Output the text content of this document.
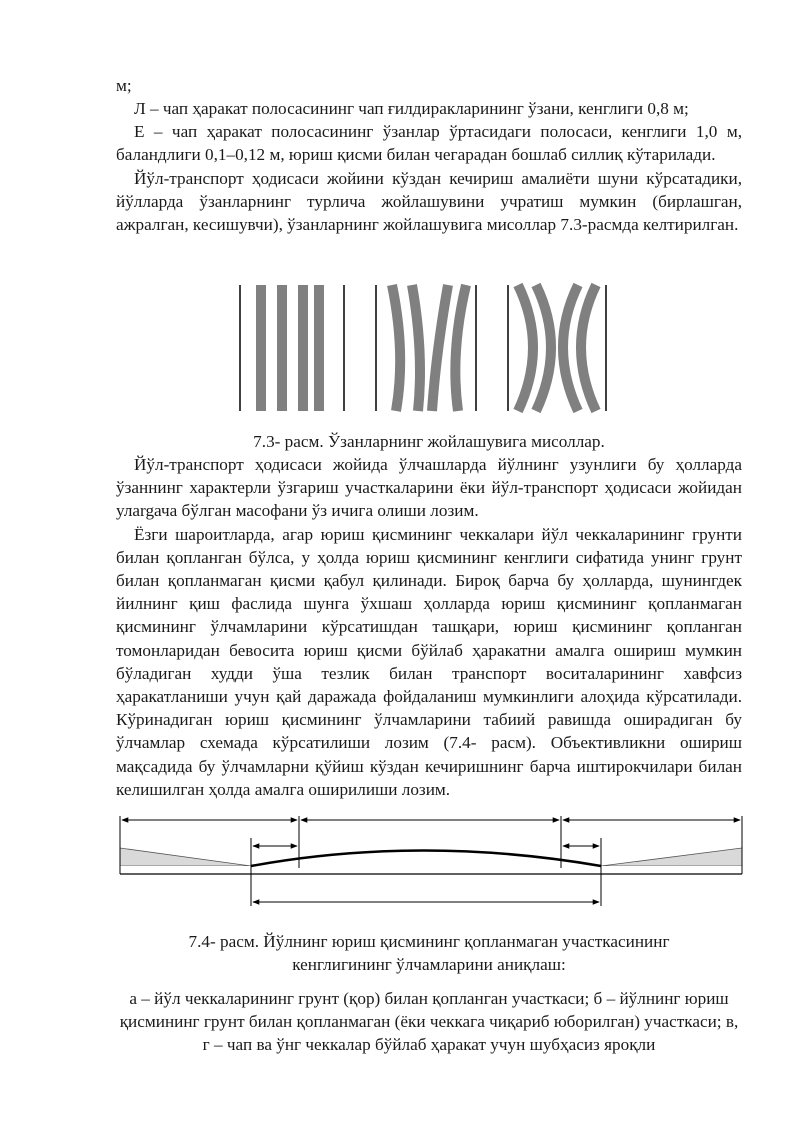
м;

Л – чап ҳаракат полосасининг чап ғилдиракларининг ўзани, кенглиги 0,8 м;

Е – чап ҳаракат полосасининг ўзанлар ўртасидаги полосаси, кенглиги 1,0 м, баландлиги 0,1–0,12 м, юриш қисми билан чегарадан бошлаб силлиқ кўтарилади.

Йўл-транспорт ҳодисаси жойини кўздан кечириш амалиёти шуни кўрсатадики, йўлларда ўзанларнинг турлича жойлашувини учратиш мумкин (бирлашган, ажралган, кесишувчи), ўзанларнинг жойлашувига мисоллар 7.3-расмда келтирилган.

7.3- расм. Ўзанларнинг жойлашувига мисоллар.

Йўл-транспорт ҳодисаси жойида ўлчашларда йўлнинг узунлиги бу ҳолларда ўзаннинг характерли ўзгариш участкаларини ёки йўл-транспорт ҳодисаси жойидан улargача бўлган масофани ўз ичига олиши лозим.

Ёзги шароитларда, агар юриш қисмининг чеккалари йўл чеккаларининг грунти билан қопланган бўлса, у ҳолда юриш қисмининг кенглиги сифатида унинг грунт билан қопланмаган қисми қабул қилинади. Бироқ барча бу ҳолларда, шунингдек йилнинг қиш фаслида шунга ўхшаш ҳолларда юриш қисмининг қопланмаган қисмининг ўлчамларини кўрсатишдан ташқари, юриш қисмининг қопланган томонларидан бевосита юриш қисми бўйлаб ҳаракатни амалга ошириш мумкин бўладиган худди ўша тезлик билан транспорт воситаларининг хавфсиз ҳаракатланиши учун қай даражада фойдаланиш мумкинлиги алоҳида кўрсатилади. Кўринадиган юриш қисмининг ўлчамларини табиий равишда оширадиган бу ўлчамлар схемада кўрсатилиши лозим (7.4- расм). Объективликни ошириш мақсадида бу ўлчамларни қўйиш кўздан кечиришнинг барча иштирокчилари билан келишилган ҳолда амалга оширилиши лозим.

7.4- расм. Йўлнинг юриш қисмининг қопланмаган участкасининг

кенглигининг ўлчамларини аниқлаш:

а – йўл чеккаларининг грунт (қор) билан қопланган участкаси; б – йўлнинг юриш қисмининг грунт билан қопланмаган (ёки чеккага чиқариб юборилган) участкаси; в, г – чап ва ўнг чеккалар бўйлаб ҳаракат учун шубҳасиз яроқли
